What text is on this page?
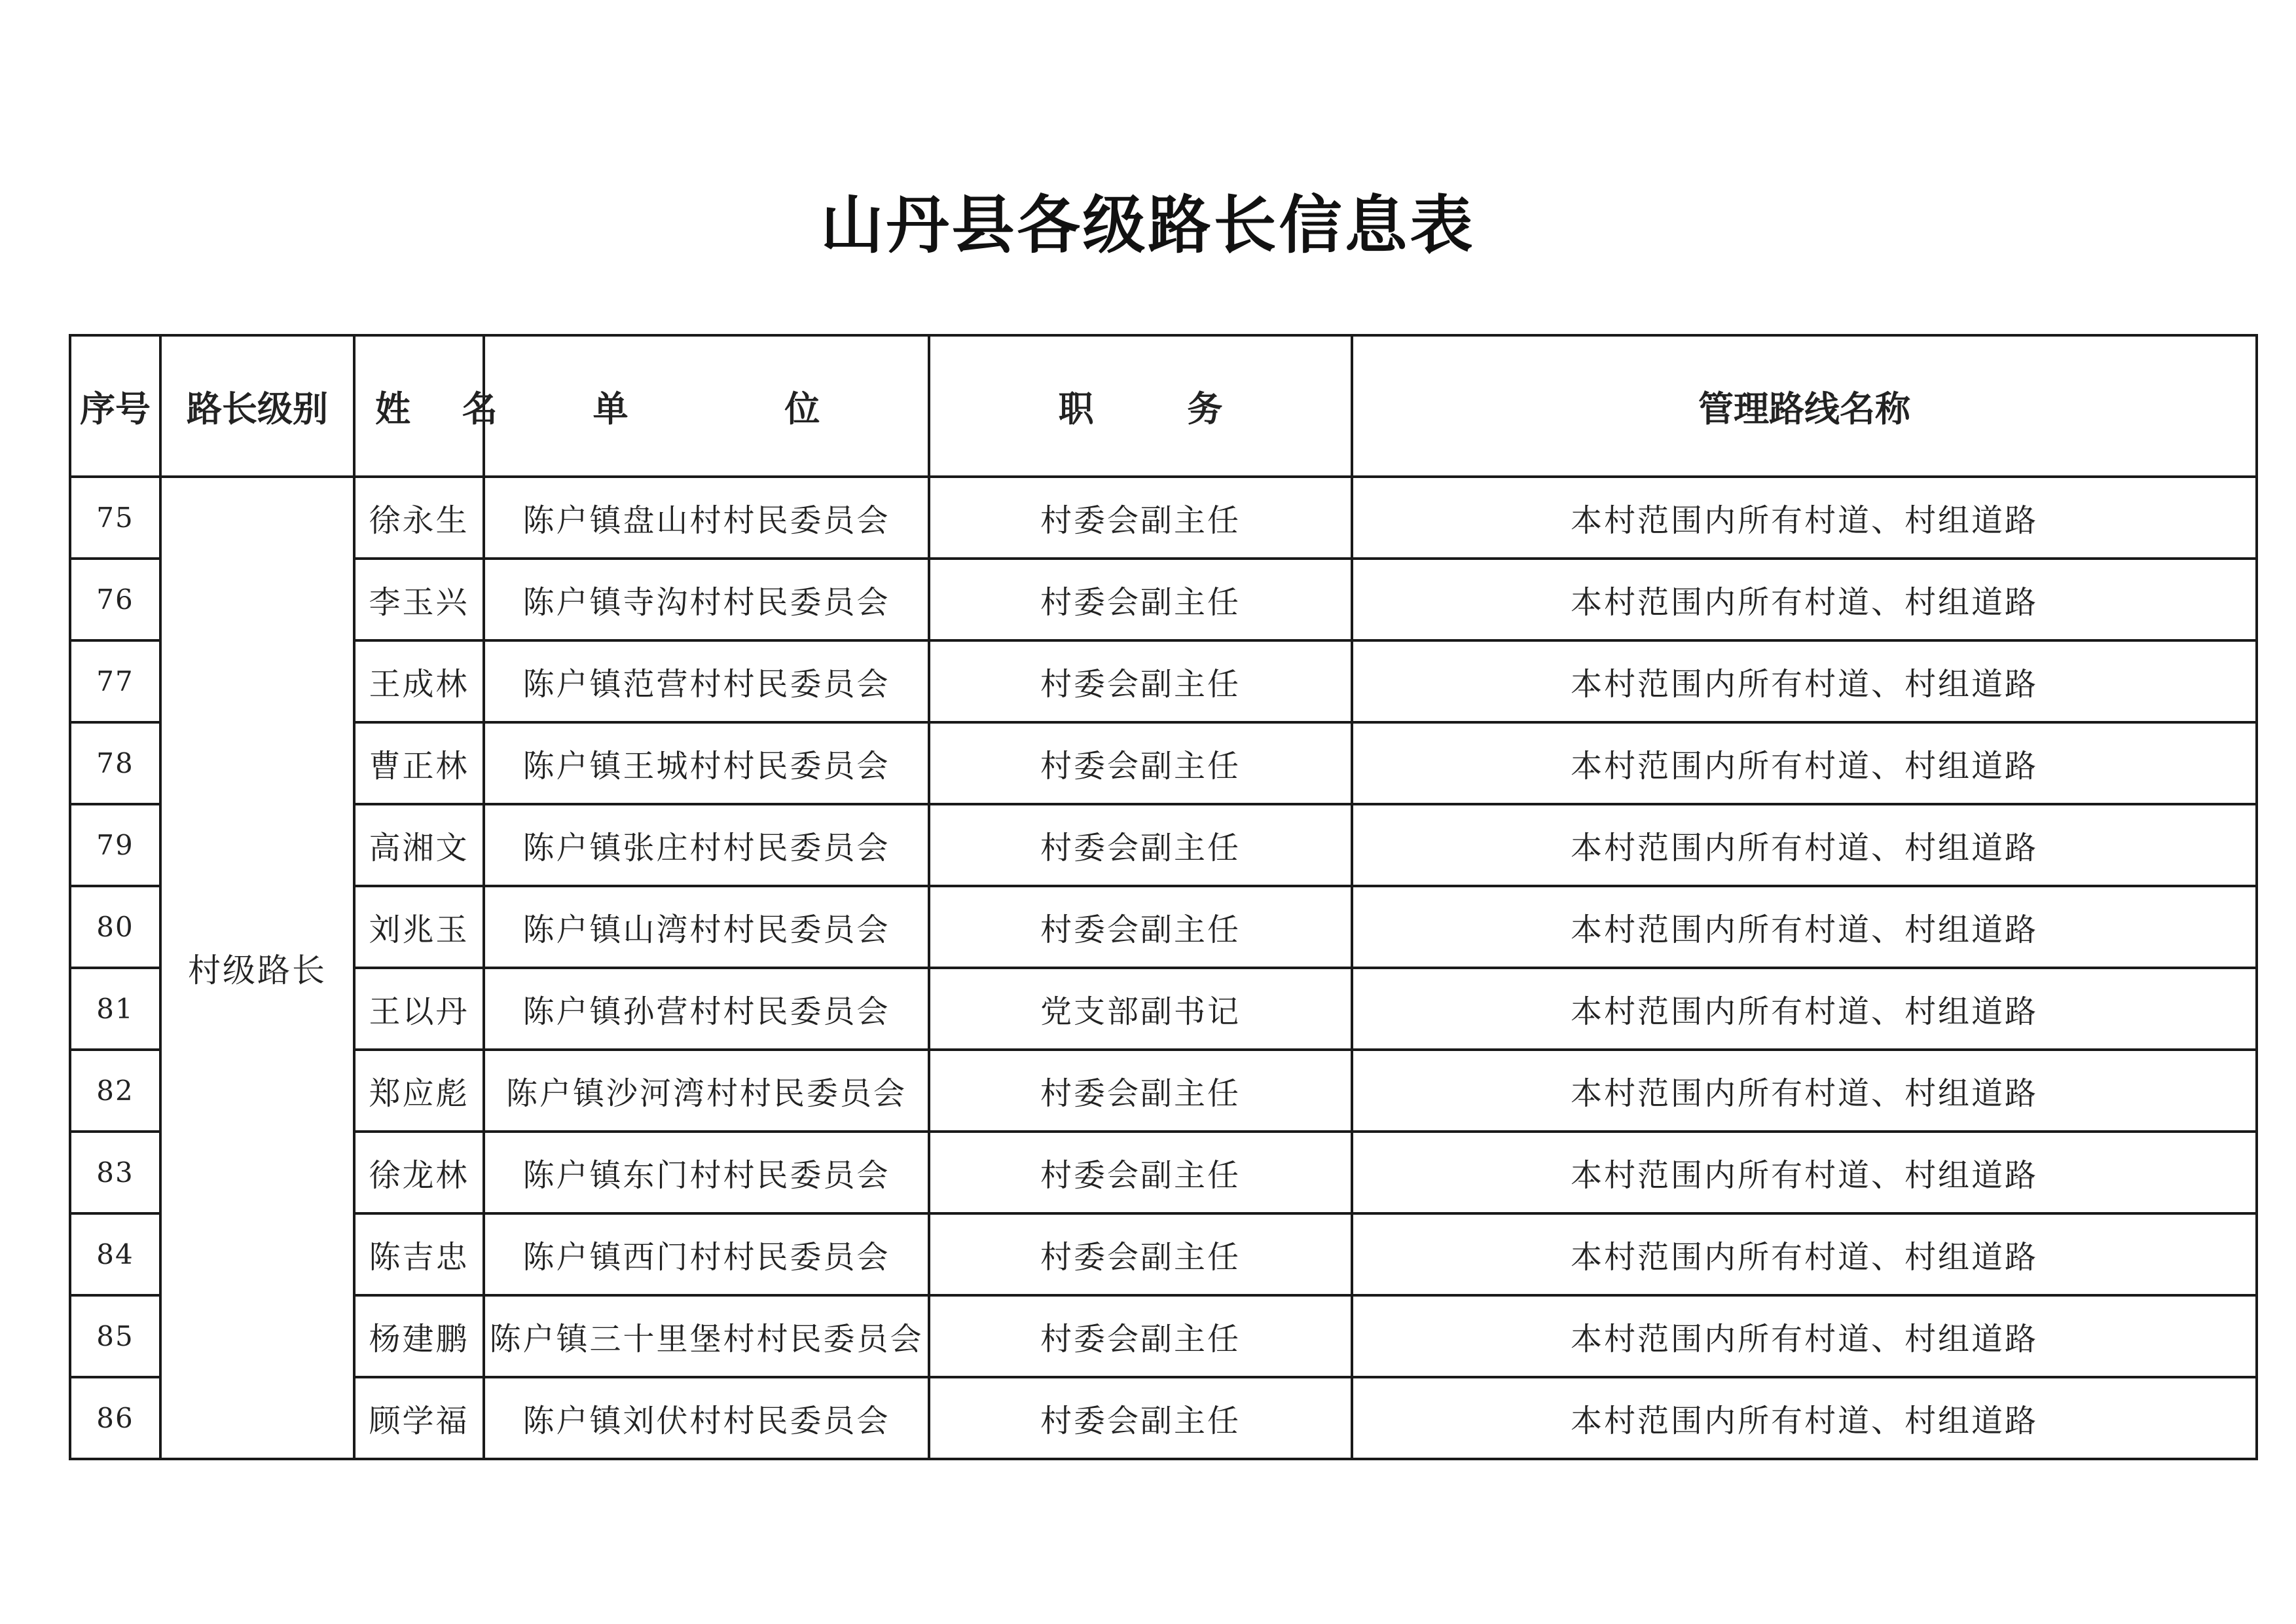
山丹县各级路长信息表
序号	路长级别	姓 名	单 位	职 务	管理路线名称
75	村级路长	徐永生	陈户镇盘山村村民委员会	村委会副主任	本村范围内所有村道、村组道路
76		李玉兴	陈户镇寺沟村村民委员会	村委会副主任	本村范围内所有村道、村组道路
77		王成林	陈户镇范营村村民委员会	村委会副主任	本村范围内所有村道、村组道路
78		曹正林	陈户镇王城村村民委员会	村委会副主任	本村范围内所有村道、村组道路
79		高湘文	陈户镇张庄村村民委员会	村委会副主任	本村范围内所有村道、村组道路
80		刘兆玉	陈户镇山湾村村民委员会	村委会副主任	本村范围内所有村道、村组道路
81		王以丹	陈户镇孙营村村民委员会	党支部副书记	本村范围内所有村道、村组道路
82		郑应彪	陈户镇沙河湾村村民委员会	村委会副主任	本村范围内所有村道、村组道路
83		徐龙林	陈户镇东门村村民委员会	村委会副主任	本村范围内所有村道、村组道路
84		陈吉忠	陈户镇西门村村民委员会	村委会副主任	本村范围内所有村道、村组道路
85		杨建鹏	陈户镇三十里堡村村民委员会	村委会副主任	本村范围内所有村道、村组道路
86		顾学福	陈户镇刘伏村村民委员会	村委会副主任	本村范围内所有村道、村组道路
